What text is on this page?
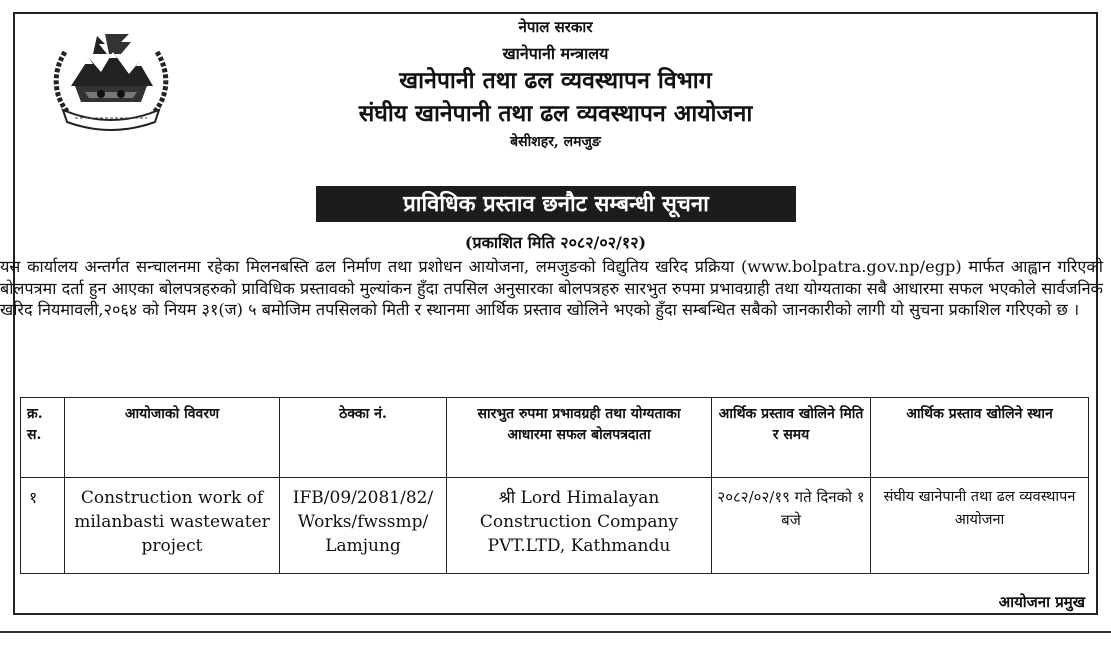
नेपाल सरकार
खानेपानी मन्त्रालय
खानेपानी तथा ढल व्यवस्थापन विभाग
संघीय खानेपानी तथा ढल व्यवस्थापन आयोजना
बेसीशहर, लमजुङ
प्राविधिक प्रस्ताव छनौट सम्बन्धी सूचना
(प्रकाशित मिति २०८२/०२/१२)
यस कार्यालय अन्तर्गत सन्चालनमा रहेका मिलनबस्ति ढल निर्माण तथा प्रशोधन आयोजना, लमजुङको विद्युतिय खरिद प्रक्रिया (www.bolpatra.gov.np/egp) मार्फत आह्वान गरिएको बोलपत्रमा दर्ता हुन आएका बोलपत्रहरुको प्राविधिक प्रस्तावको मुल्यांकन हुँदा तपसिल अनुसारका बोलपत्रहरु सारभुत रुपमा प्रभावग्राही तथा योग्यताका सबै आधारमा सफल भएकोले सार्वजनिक खरिद नियमावली,२०६४ को नियम ३१(ज) ५ बमोजिम तपसिलको मिती र स्थानमा आर्थिक प्रस्ताव खोलिने भएको हुँदा सम्बन्धित सबैको जानकारीको लागी यो सुचना प्रकाशिल गरिएको छ ।
क्र. स.	आयोजाको विवरण	ठेक्का नं.	सारभुत रुपमा प्रभावग्रही तथा योग्यताका आधारमा सफल बोलपत्रदाता	आर्थिक प्रस्ताव खोलिने मिति र समय	आर्थिक प्रस्ताव खोलिने स्थान
१	Construction work of milanbasti wastewater project	IFB/09/2081/82/ Works/fwssmp/ Lamjung	श्री Lord Himalayan Construction Company PVT.LTD, Kathmandu	२०८२/०२/१९ गते दिनको १ बजे	संघीय खानेपानी तथा ढल व्यवस्थापन आयोजना
आयोजना प्रमुख
